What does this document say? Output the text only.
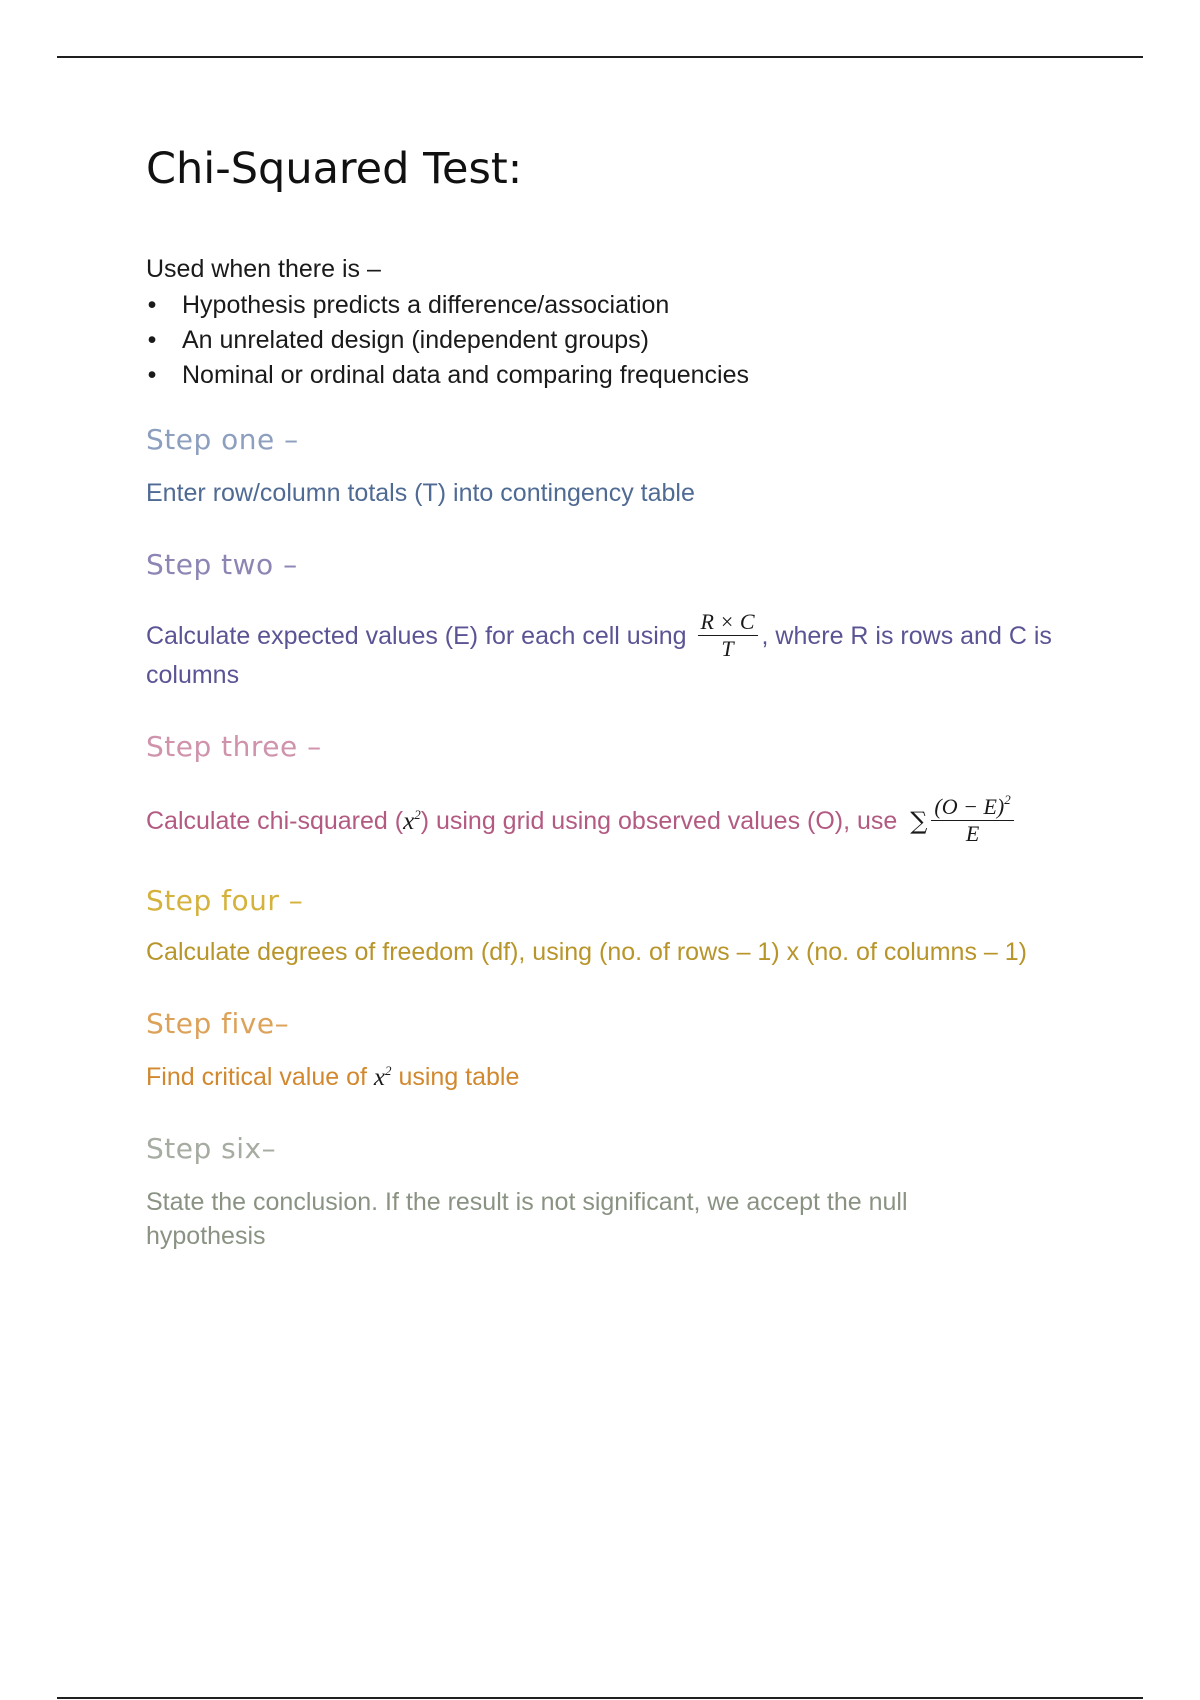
Chi-Squared Test:
Used when there is –
• Hypothesis predicts a difference/association
• An unrelated design (independent groups)
• Nominal or ordinal data and comparing frequencies
Step one –

Enter row/column totals (T) into contingency table

Step two –

Calculate expected values (E) for each cell using $\frac{R \times C}{T}$ , where R is rows and C is

columns

Step three –

Calculate chi-squared $(x^2)$ using grid using observed values (O), use ∑ $\frac{(O - E)^2}{E}$

Step four –

Calculate degrees of freedom (df), using (no. of rows – 1) x (no. of columns – 1)

Step five–

Find critical value of $x^2$ using table

Step six–

State the conclusion. If the result is not significant, we accept the null

hypothesis
